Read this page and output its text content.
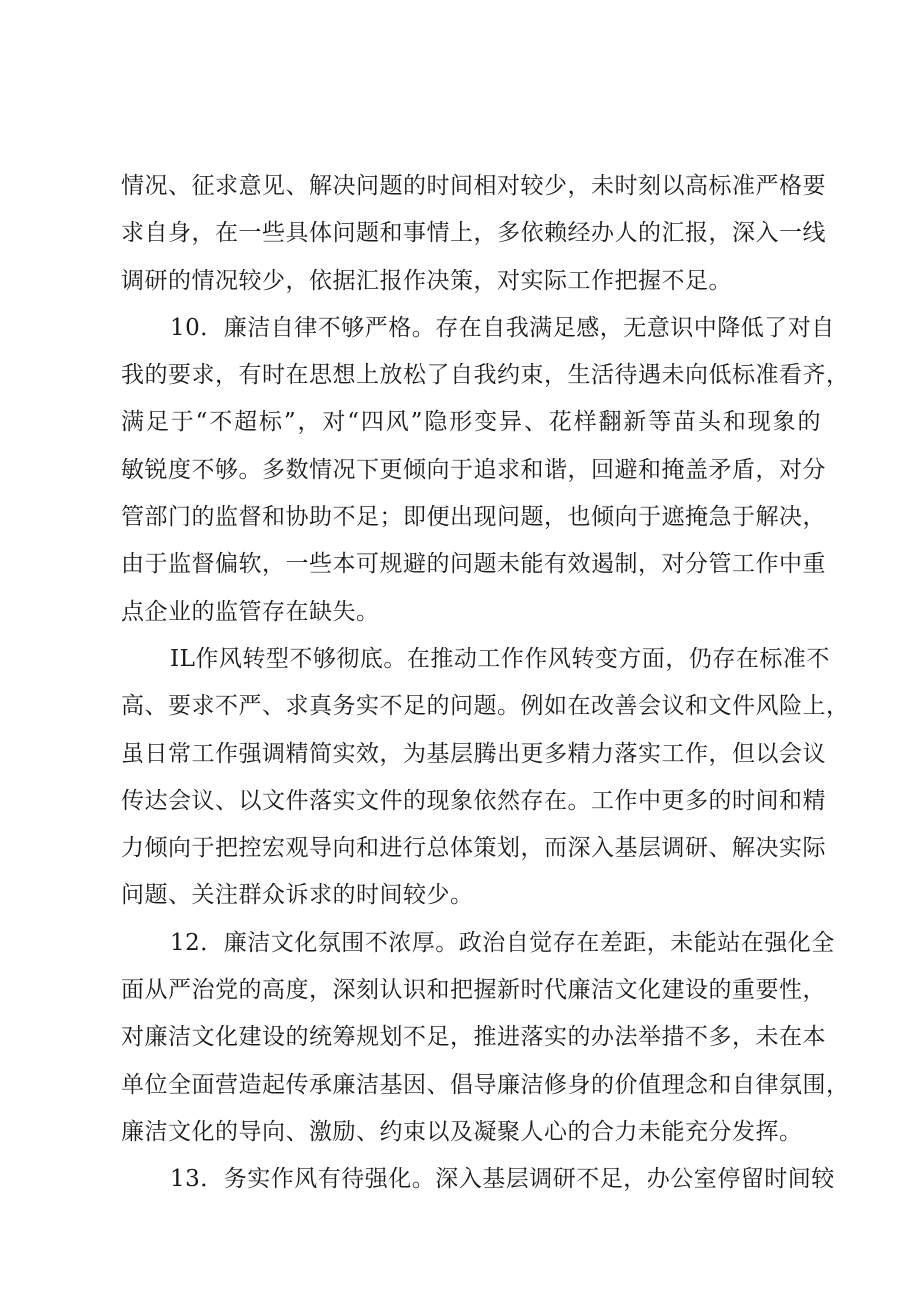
情况、征求意见、解决问题的时间相对较少，未时刻以高标准严格要
求自身，在一些具体问题和事情上，多依赖经办人的汇报，深入一线
调研的情况较少，依据汇报作决策，对实际工作把握不足。
10．廉洁自律不够严格。存在自我满足感，无意识中降低了对自
我的要求，有时在思想上放松了自我约束，生活待遇未向低标准看齐，
满足于“不超标”，对“四风”隐形变异、花样翻新等苗头和现象的
敏锐度不够。多数情况下更倾向于追求和谐，回避和掩盖矛盾，对分
管部门的监督和协助不足；即便出现问题，也倾向于遮掩急于解决，
由于监督偏软，一些本可规避的问题未能有效遏制，对分管工作中重
点企业的监管存在缺失。
IL作风转型不够彻底。在推动工作作风转变方面，仍存在标准不
高、要求不严、求真务实不足的问题。例如在改善会议和文件风险上，
虽日常工作强调精简实效，为基层腾出更多精力落实工作，但以会议
传达会议、以文件落实文件的现象依然存在。工作中更多的时间和精
力倾向于把控宏观导向和进行总体策划，而深入基层调研、解决实际
问题、关注群众诉求的时间较少。
12．廉洁文化氛围不浓厚。政治自觉存在差距，未能站在强化全
面从严治党的高度，深刻认识和把握新时代廉洁文化建设的重要性，
对廉洁文化建设的统筹规划不足，推进落实的办法举措不多，未在本
单位全面营造起传承廉洁基因、倡导廉洁修身的价值理念和自律氛围，
廉洁文化的导向、激励、约束以及凝聚人心的合力未能充分发挥。
13．务实作风有待强化。深入基层调研不足，办公室停留时间较
